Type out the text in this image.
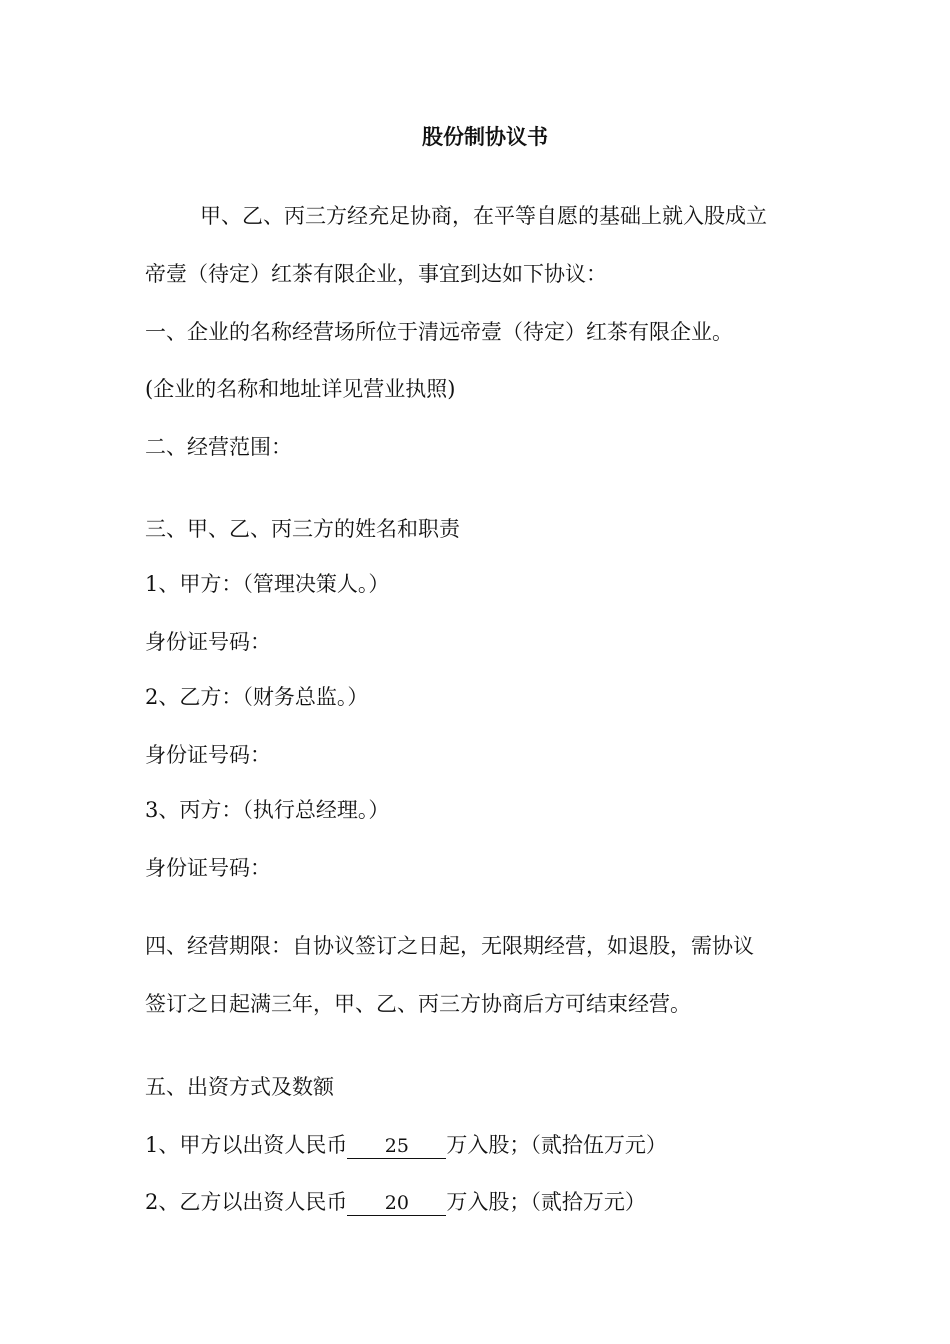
股份制协议书
甲、乙、丙三方经充足协商，在平等自愿的基础上就入股成立
帝壹（待定）红茶有限企业，事宜到达如下协议：
一、企业的名称经营场所位于清远帝壹（待定）红茶有限企业。
(企业的名称和地址详见营业执照)
二、经营范围：
三、甲、乙、丙三方的姓名和职责
1、甲方：（管理决策人。）
身份证号码：
2、乙方：（财务总监。）
身份证号码：
3、丙方：（执行总经理。）
身份证号码：
四、经营期限：自协议签订之日起，无限期经营，如退股，需协议
签订之日起满三年，甲、乙、丙三方协商后方可结束经营。
五、出资方式及数额
1、甲方以出资人民币 25 万入股；（贰拾伍万元）
2、乙方以出资人民币 20 万入股；（贰拾万元）
